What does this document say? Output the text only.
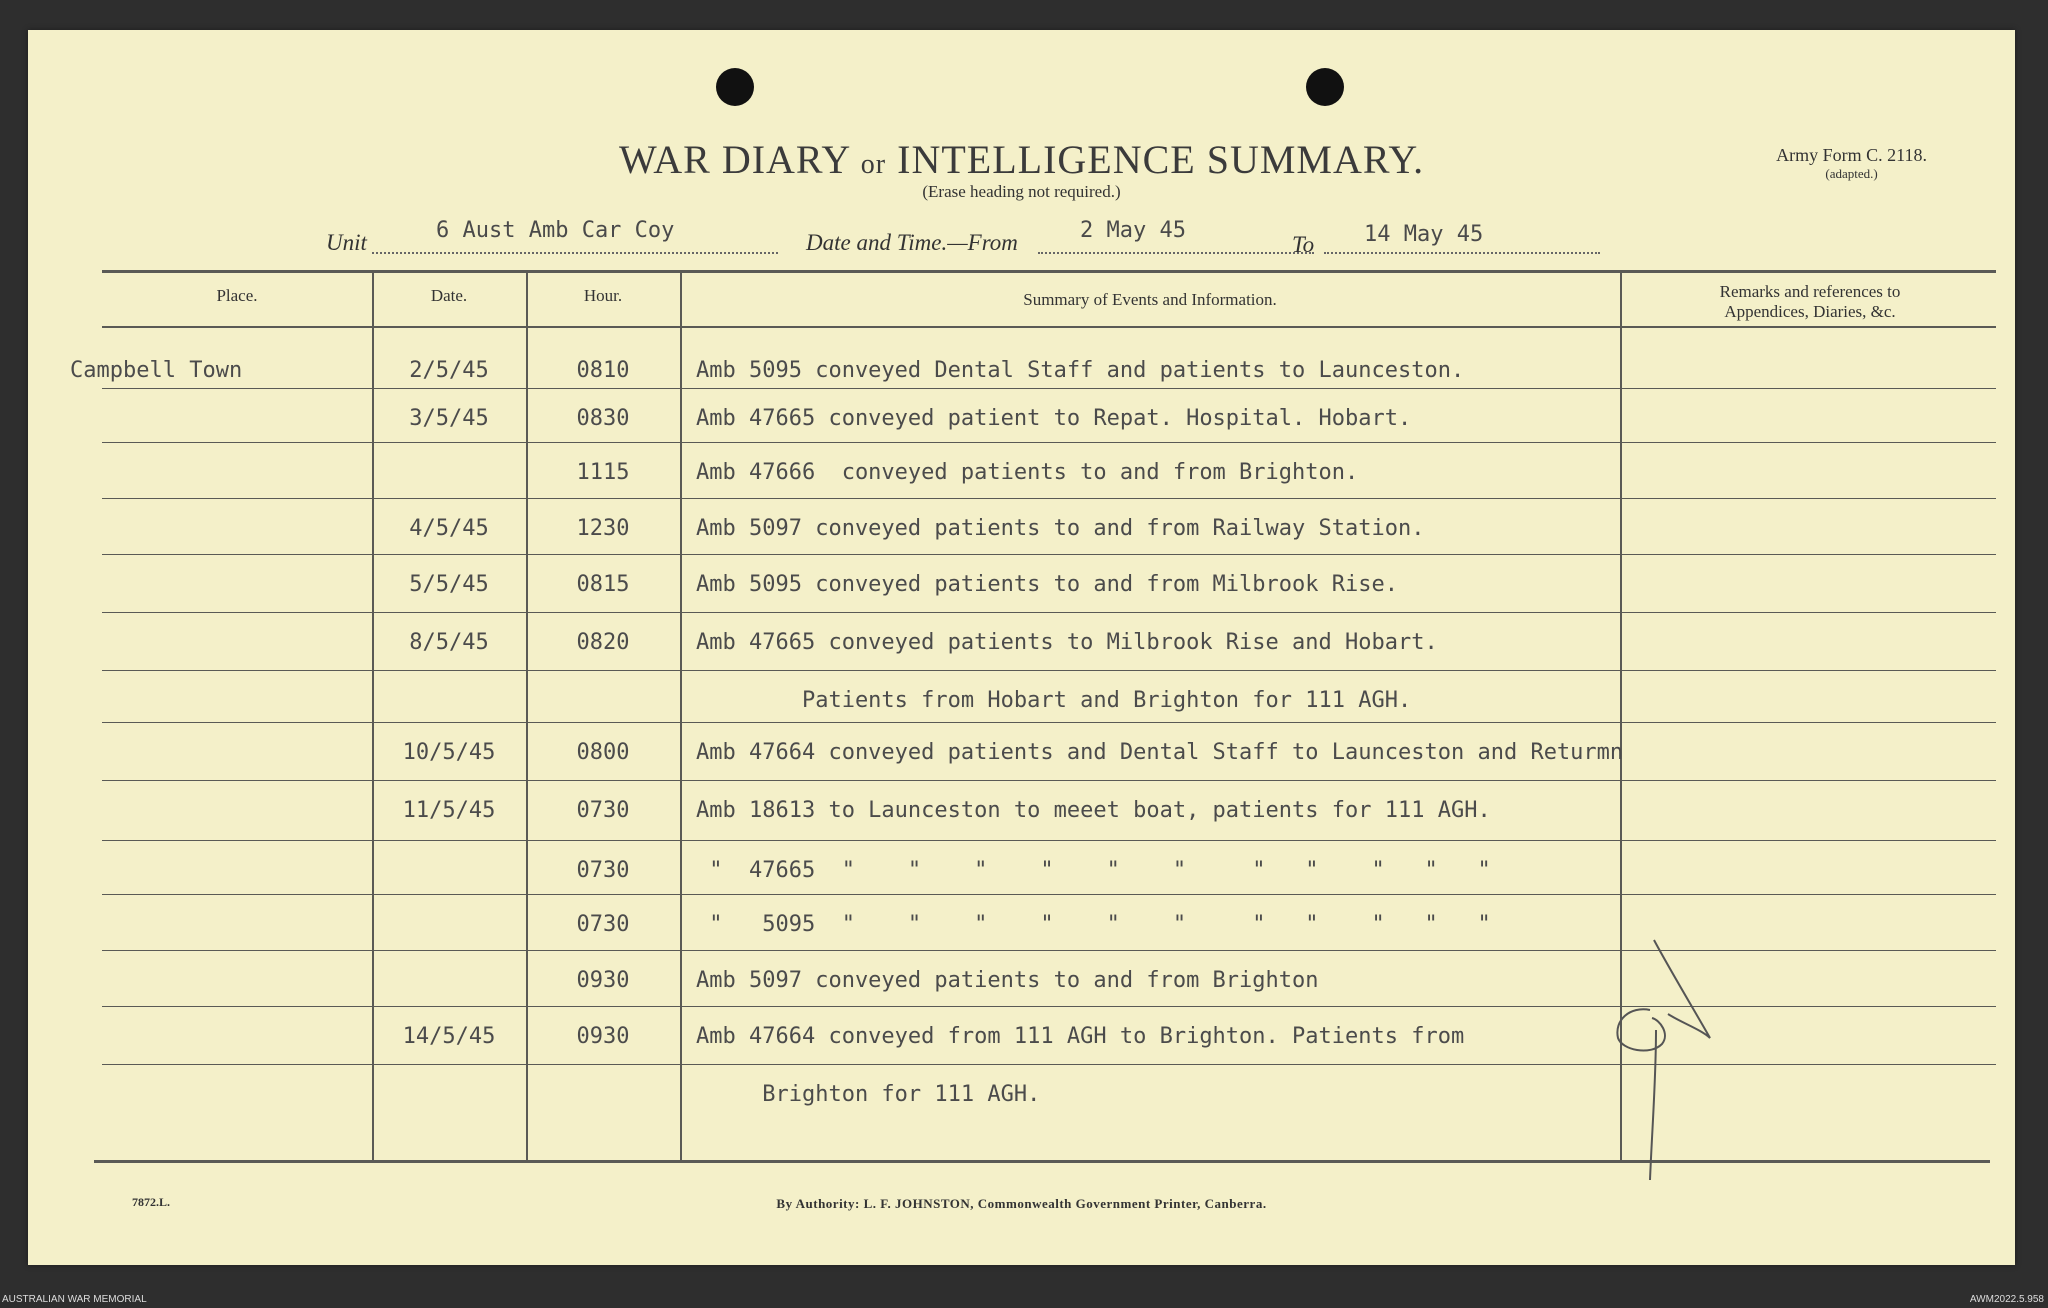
WAR DIARY or INTELLIGENCE SUMMARY.
(Erase heading not required.)
Army Form C. 2118.
(adapted.)
Unit	6 Aust Amb Car Coy	Date and Time.—From	2 May 45
To 14 May 45
Place.	Date.	Hour.	Summary of Events and Information.	Remarks and references to
Appendices, Diaries, &c.
Campbell Town	2/5/45	0810	Amb 5095 conveyed Dental Staff and patients to Launceston.
3/5/45	0830	Amb 47665 conveyed patient to Repat. Hospital. Hobart.
1115	Amb 47666  conveyed patients to and from Brighton.
4/5/45	1230	Amb 5097 conveyed patients to and from Railway Station.
5/5/45	0815	Amb 5095 conveyed patients to and from Milbrook Rise.
8/5/45	0820	Amb 47665 conveyed patients to Milbrook Rise and Hobart.
Patients from Hobart and Brighton for 111 AGH.
10/5/45	0800	Amb 47664 conveyed patients and Dental Staff to Launceston and Returmn
11/5/45	0730	Amb 18613 to Launceston to meeet boat, patients for 111 AGH.
0730	"  47665  "    "    "    "    "    "     "   "    "   "   "
0730	"   5095  "    "    "    "    "    "     "   "    "   "   "
0930	Amb 5097 conveyed patients to and from Brighton
14/5/45	0930	Amb 47664 conveyed from 111 AGH to Brighton. Patients from
Brighton for 111 AGH.
7872.L.	By Authority: L. F. JOHNSTON, Commonwealth Government Printer, Canberra.
AUSTRALIAN WAR MEMORIAL	AWM2022.5.958
